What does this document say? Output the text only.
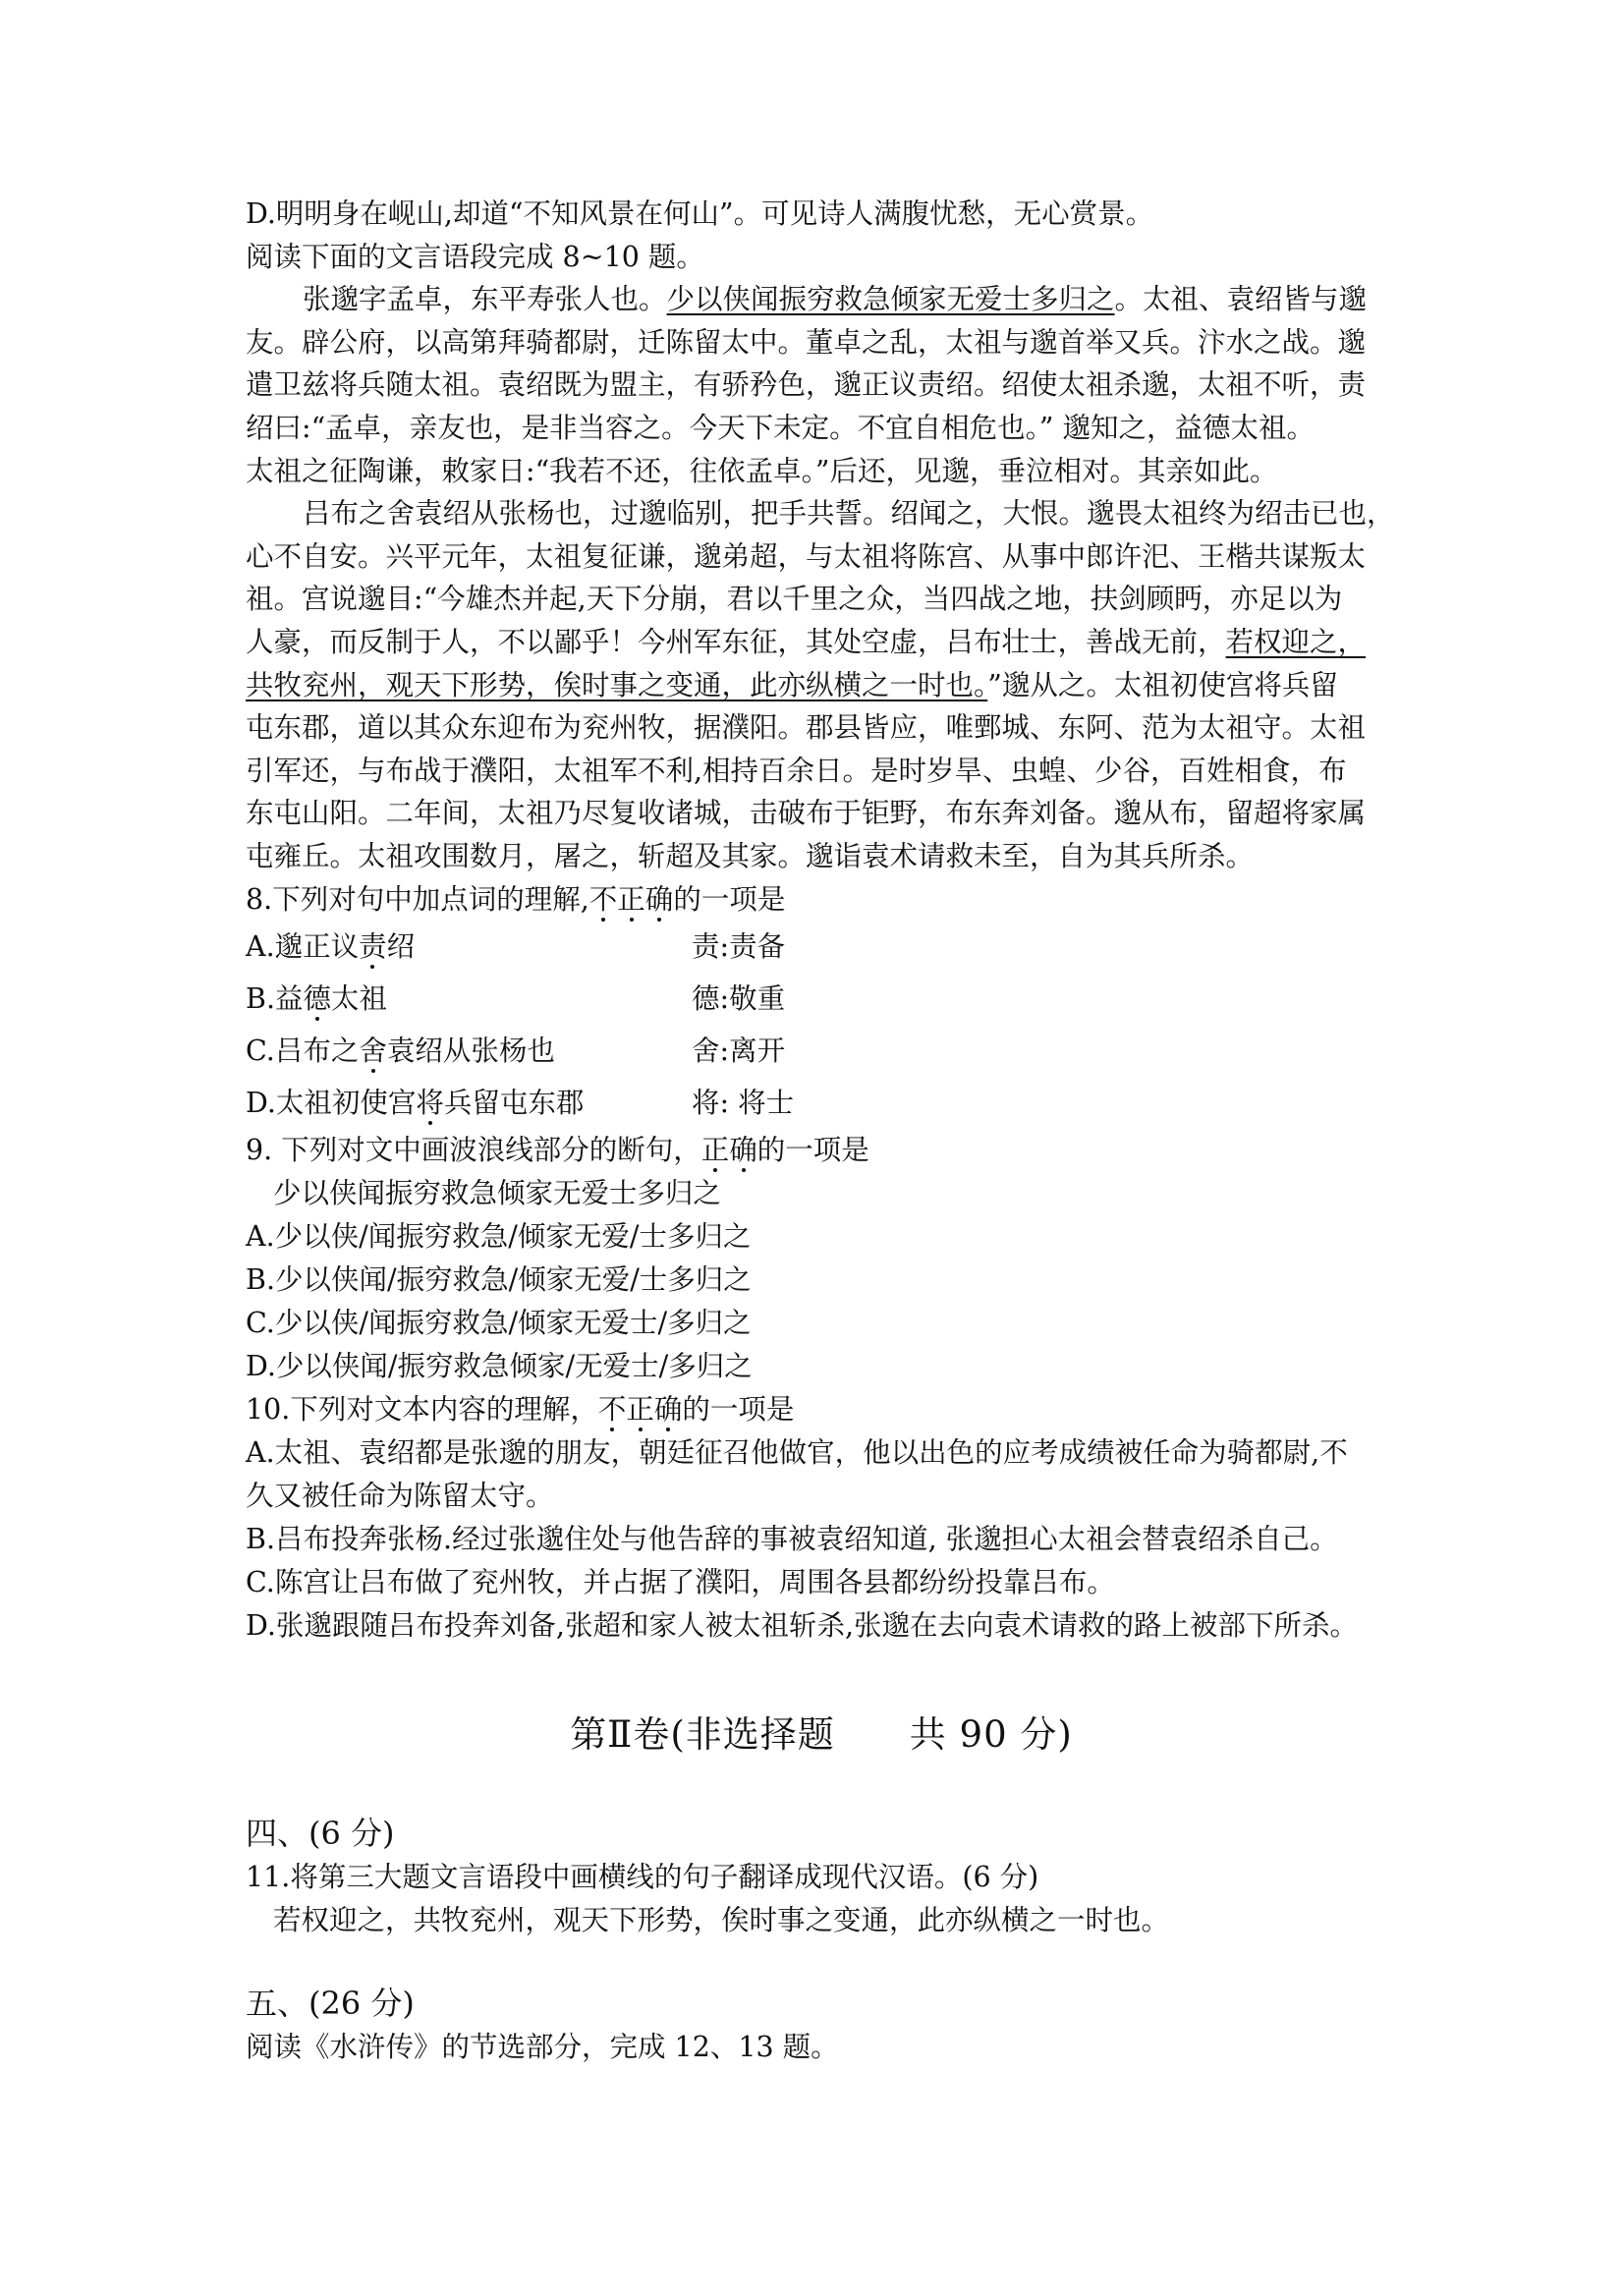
D.明明身在岘山,却道“不知风景在何山”。可见诗人满腹忧愁，无心赏景。
阅读下面的文言语段完成 8~10 题。
张邈字孟卓，东平寿张人也。少以侠闻振穷救急倾家无爱士多归之。太祖、袁绍皆与邈
友。辟公府，以高第拜骑都尉，迁陈留太中。董卓之乱，太祖与邈首举又兵。汴水之战。邈
遣卫兹将兵随太祖。袁绍既为盟主，有骄矜色，邈正议责绍。绍使太祖杀邈，太祖不听，责
绍曰:“孟卓，亲友也，是非当容之。今天下未定。不宜自相危也。” 邈知之，益德太祖。
太祖之征陶谦，敕家日:“我若不还，往依孟卓。”后还，见邈，垂泣相对。其亲如此。
吕布之舍袁绍从张杨也，过邈临别，把手共誓。绍闻之，大恨。邈畏太祖终为绍击已也，
心不自安。兴平元年，太祖复征谦，邈弟超，与太祖将陈宫、从事中郎许汜、王楷共谋叛太
祖。宫说邈目:“今雄杰并起,天下分崩，君以千里之众，当四战之地，扶剑顾眄，亦足以为
人豪，而反制于人，不以鄙乎！今州军东征，其处空虚，吕布壮士，善战无前，若权迎之，
共牧兖州，观天下形势，俟时事之变通，此亦纵横之一时也。”邈从之。太祖初使宫将兵留
屯东郡，道以其众东迎布为兖州牧，据濮阳。郡县皆应，唯鄄城、东阿、范为太祖守。太祖
引军还，与布战于濮阳，太祖军不利,相持百余日。是时岁旱、虫蝗、少谷，百姓相食，布
东屯山阳。二年间，太祖乃尽复收诸城，击破布于钜野，布东奔刘备。邈从布，留超将家属
屯雍丘。太祖攻围数月，屠之，斩超及其家。邈诣袁术请救未至，自为其兵所杀。
8.下列对句中加点词的理解,不正确的一项是
A.邈正议责绍	责:责备
B.益德太祖	德:敬重
C.吕布之舍袁绍从张杨也	舍:离开
D.太祖初使宫将兵留屯东郡	将: 将士
9. 下列对文中画波浪线部分的断句，正确的一项是
少以侠闻振穷救急倾家无爱士多归之
A.少以侠/闻振穷救急/倾家无爱/士多归之
B.少以侠闻/振穷救急/倾家无爱/士多归之
C.少以侠/闻振穷救急/倾家无爱士/多归之
D.少以侠闻/振穷救急倾家/无爱士/多归之
10.下列对文本内容的理解，不正确的一项是
A.太祖、袁绍都是张邈的朋友，朝廷征召他做官，他以出色的应考成绩被任命为骑都尉,不
久又被任命为陈留太守。
B.吕布投奔张杨.经过张邈住处与他告辞的事被袁绍知道, 张邈担心太祖会替袁绍杀自己。
C.陈宫让吕布做了兖州牧，并占据了濮阳，周围各县都纷纷投靠吕布。
D.张邈跟随吕布投奔刘备,张超和家人被太祖斩杀,张邈在去向袁术请救的路上被部下所杀。
第Ⅱ卷(非选择题　　共 90 分)
四、(6 分)
11.将第三大题文言语段中画横线的句子翻译成现代汉语。(6 分)
若权迎之，共牧兖州，观天下形势，俟时事之变通，此亦纵横之一时也。
五、(26 分)
阅读《水浒传》的节选部分，完成 12、13 题。
